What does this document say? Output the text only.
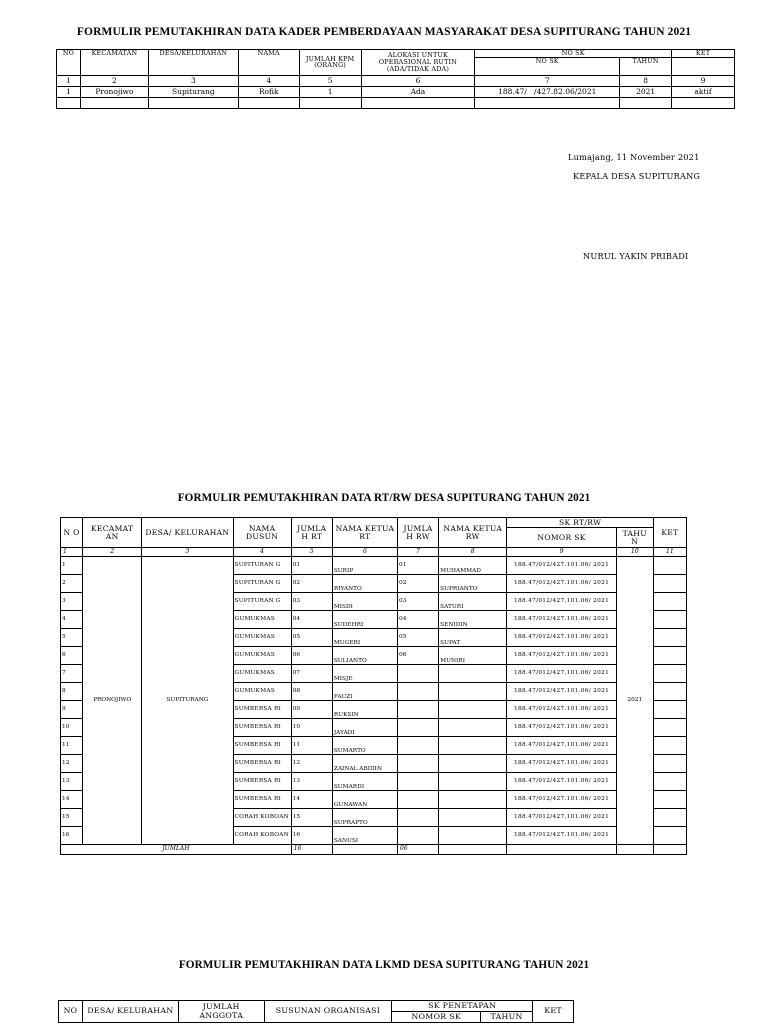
FORMULIR PEMUTAKHIRAN DATA KADER PEMBERDAYAAN MASYARAKAT DESA SUPITURANG TAHUN 2021
NO	KECAMATAN	DESA/KELURAHAN	NAMA	JUMLAH KPM (ORANG)	ALOKASI UNTUK OPERASIONAL RUTIN (ADA/TIDAK ADA)	NO SK		KET
						NO SK	TAHUN	
1	2	3	4	5	6	7	8	9
1	Pronojiwo	Supiturang	Rofik	1	Ada	188.47/   /427.82.06/2021	2021	aktif

Lumajang, 11 November 2021
KEPALA DESA SUPITURANG
NURUL YAKIN PRIBADI
FORMULIR PEMUTAKHIRAN DATA RT/RW DESA SUPITURANG TAHUN 2021
N O	KECAMAT AN	DESA/ KELURAHAN	NAMA DUSUN	JUMLA H RT	NAMA KETUA RT	JUMLA H RW	NAMA KETUA RW	SK RT/RW		KET
								NOMOR SK	TAHU N	
1	2	3	4	5	6	7	8	9	10	11
1	PRONOJIWO	SUPITURANG	SUPITURAN G	01	SURIP	01	MUHAMMAD	188.47/012/427.101.06/ 2021	2021	
2			SUPITURAN G	02	RIYANTO	02	SUPRIANTO	188.47/012/427.101.06/ 2021		
3			SUPITURAN G	03	MISDI	03	SATURI	188.47/012/427.101.06/ 2021		
4			GUMUKMAS	04	SUDEHRI	04	SENIDIN	188.47/012/427.101.06/ 2021		
5			GUMUKMAS	05	MUGERI	05	SUPAT	188.47/012/427.101.06/ 2021		
6			GUMUKMAS	06	SULIANTO	06	MUNIRI	188.47/012/427.101.06/ 2021		
7			GUMUKMAS	07	MISJE			188.47/012/427.101.06/ 2021		
8			GUMUKMAS	08	FAUZI			188.47/012/427.101.06/ 2021		
9			SUMBERSA RI	09	RUKSIN			188.47/012/427.101.06/ 2021		
10			SUMBERSA RI	10	JAYADI			188.47/012/427.101.06/ 2021		
11			SUMBERSA RI	11	SUMARTO			188.47/012/427.101.06/ 2021		
12			SUMBERSA RI	12	ZAINAL ABIDIN			188.47/012/427.101.06/ 2021		
13			SUMBERSA RI	13	SUMARDI			188.47/012/427.101.06/ 2021		
14			SUMBERSA RI	14	GUNAWAN			188.47/012/427.101.06/ 2021		
15			CORAH KOBOAN	15	SUPRAPTO			188.47/012/427.101.06/ 2021		
16			CORAH KOBOAN	16	SANUSI			188.47/012/427.101.06/ 2021		
JUMLAH				16		06				
FORMULIR PEMUTAKHIRAN DATA LKMD DESA SUPITURANG TAHUN 2021
NO	DESA/ KELURAHAN	JUMLAH ANGGOTA	SUSUNAN ORGANISASI	SK PENETAPAN		KET
				NOMOR SK	TAHUN	
